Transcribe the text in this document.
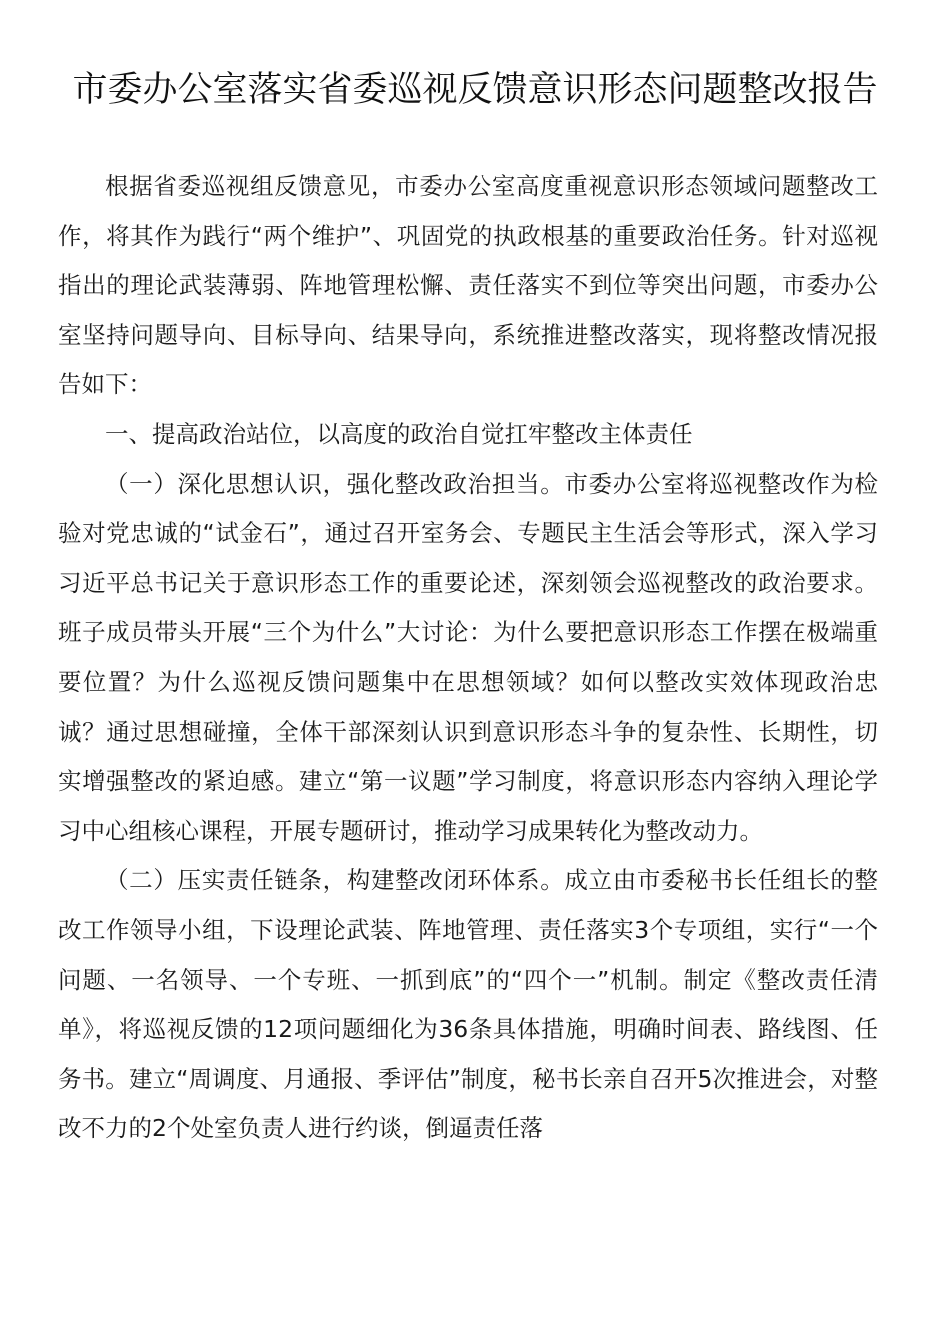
市委办公室落实省委巡视反馈意识形态问题整改报告

根据省委巡视组反馈意见，市委办公室高度重视意识形态领域问题整改工作，将其作为践行“两个维护”、巩固党的执政根基的重要政治任务。针对巡视指出的理论武装薄弱、阵地管理松懈、责任落实不到位等突出问题，市委办公室坚持问题导向、目标导向、结果导向，系统推进整改落实，现将整改情况报告如下：

一、提高政治站位，以高度的政治自觉扛牢整改主体责任

（一）深化思想认识，强化整改政治担当。市委办公室将巡视整改作为检验对党忠诚的“试金石”，通过召开室务会、专题民主生活会等形式，深入学习习近平总书记关于意识形态工作的重要论述，深刻领会巡视整改的政治要求。班子成员带头开展“三个为什么”大讨论：为什么要把意识形态工作摆在极端重要位置？为什么巡视反馈问题集中在思想领域？如何以整改实效体现政治忠诚？通过思想碰撞，全体干部深刻认识到意识形态斗争的复杂性、长期性，切实增强整改的紧迫感。建立“第一议题”学习制度，将意识形态内容纳入理论学习中心组核心课程，开展专题研讨，推动学习成果转化为整改动力。

（二）压实责任链条，构建整改闭环体系。成立由市委秘书长任组长的整改工作领导小组，下设理论武装、阵地管理、责任落实3个专项组，实行“一个问题、一名领导、一个专班、一抓到底”的“四个一”机制。制定《整改责任清单》，将巡视反馈的12项问题细化为36条具体措施，明确时间表、路线图、任务书。建立“周调度、月通报、季评估”制度，秘书长亲自召开5次推进会，对整改不力的2个处室负责人进行约谈，倒逼责任落
